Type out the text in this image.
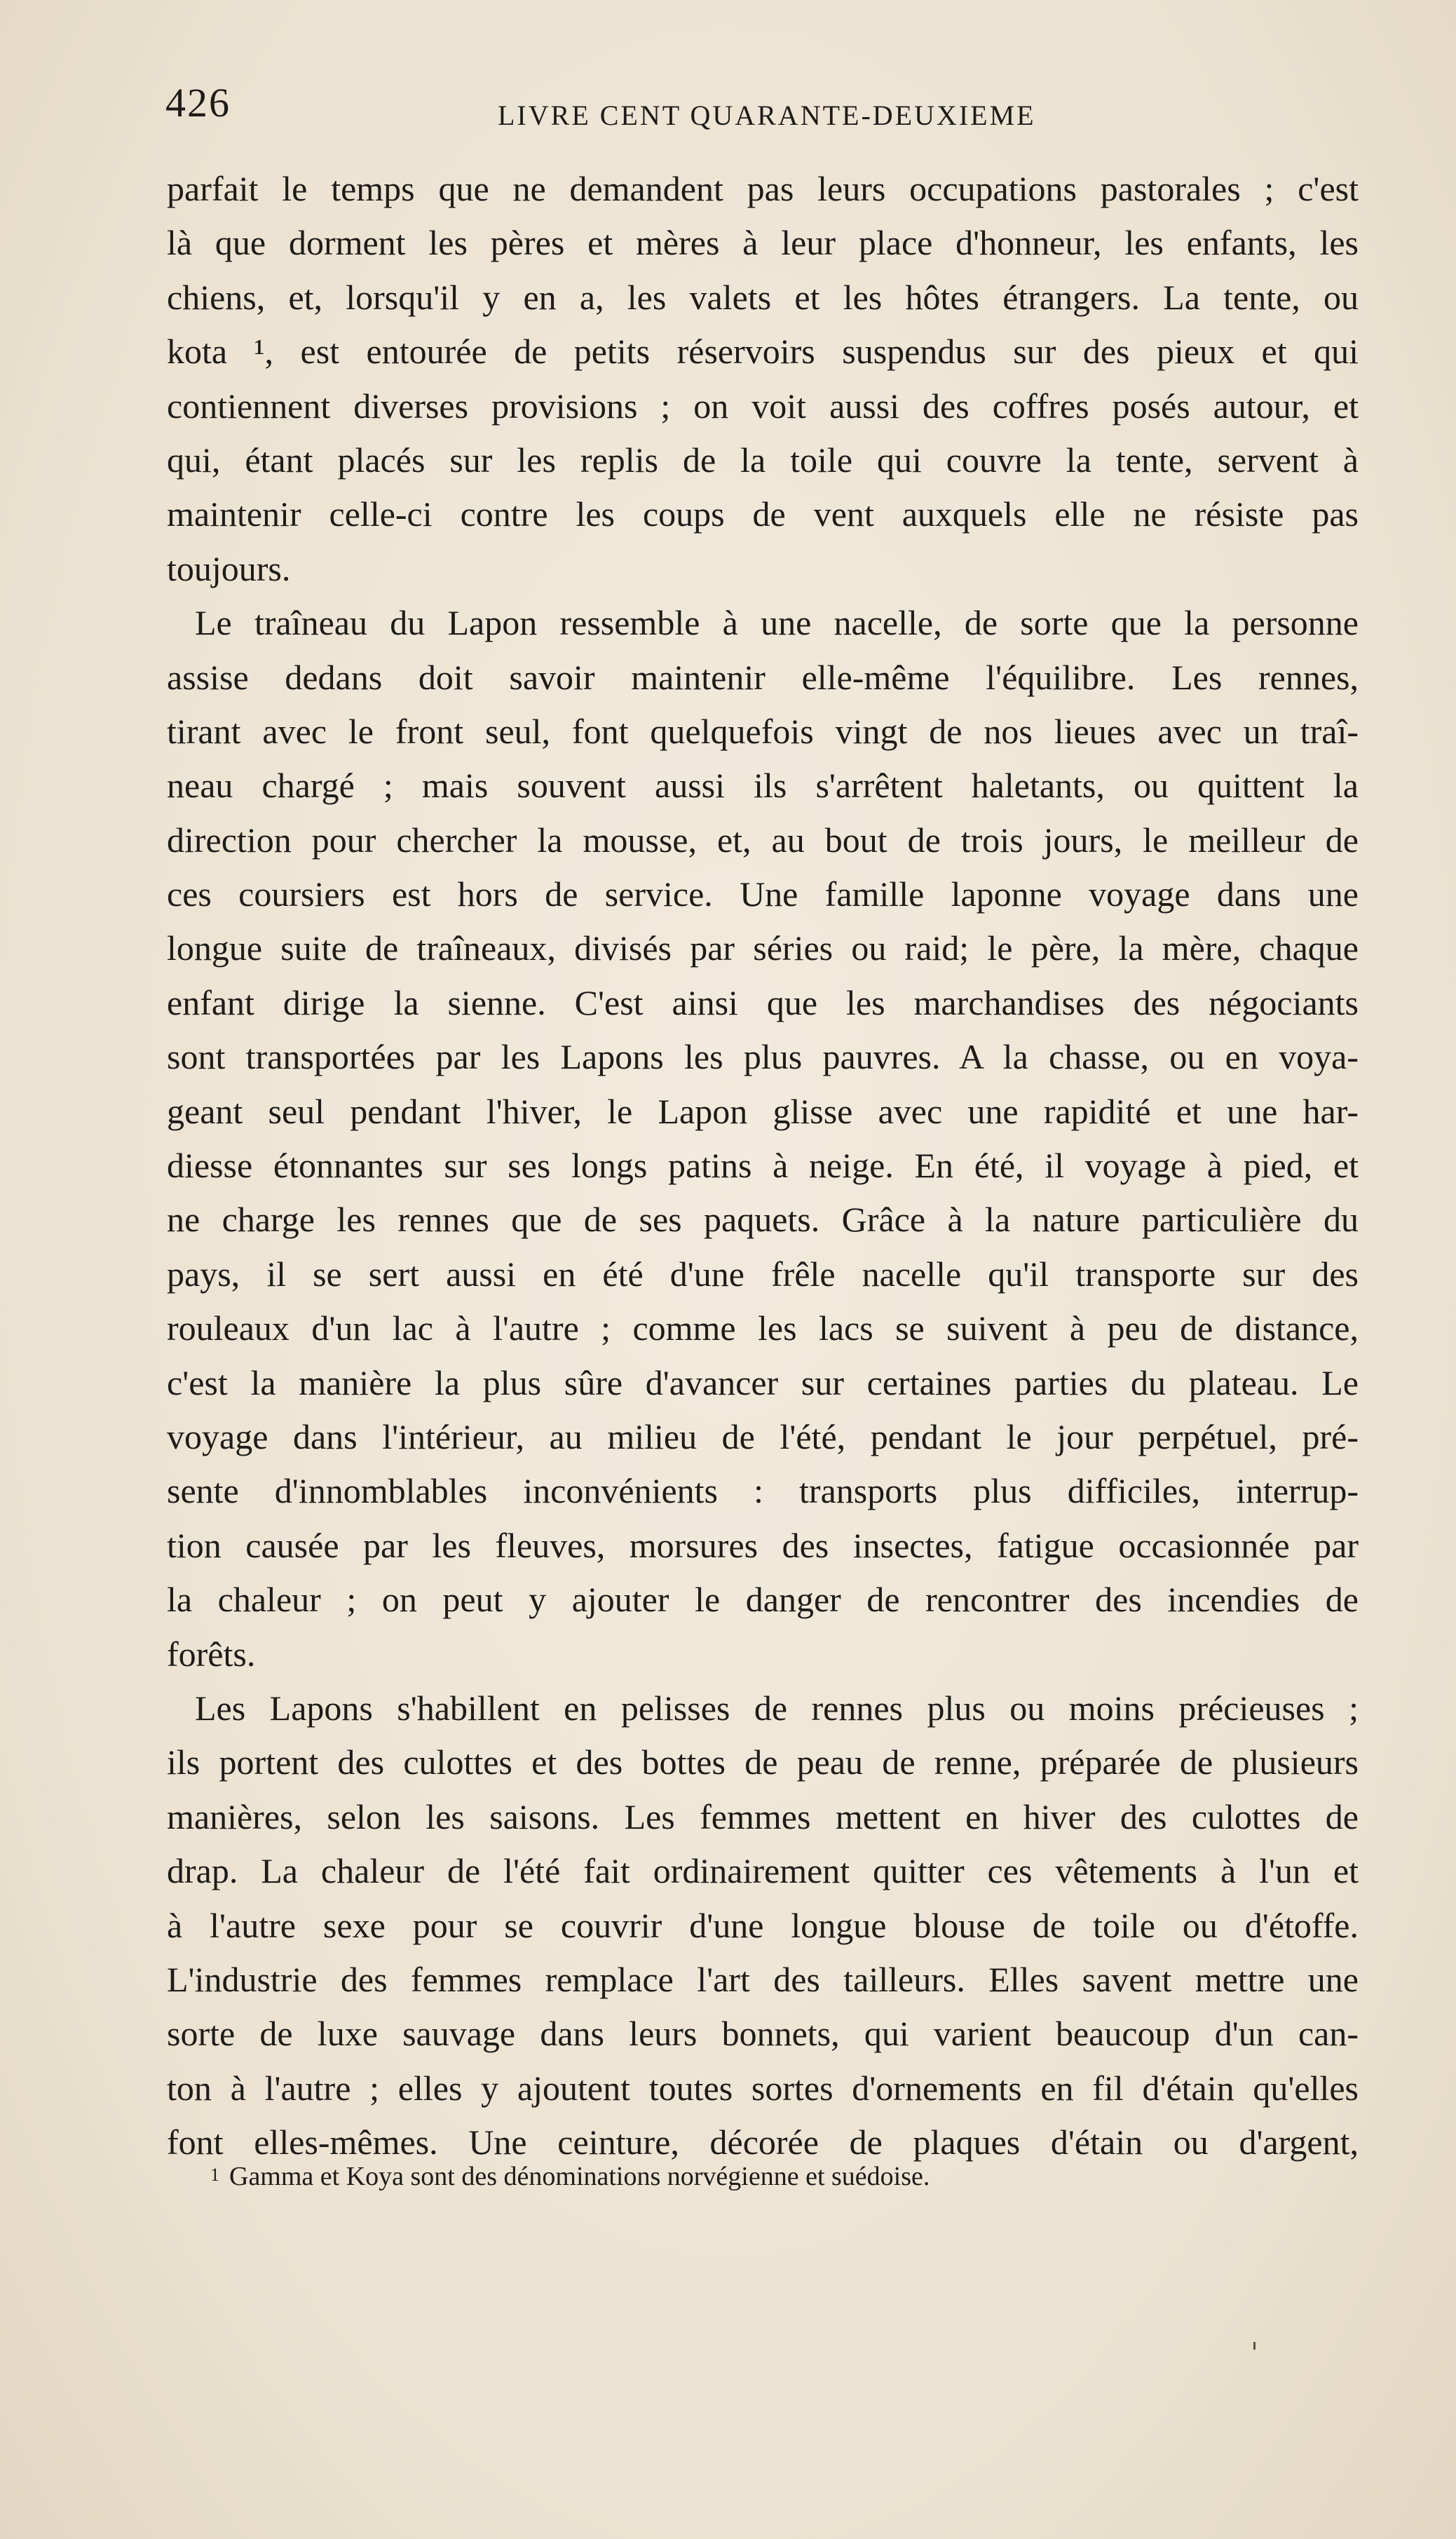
426	LIVRE CENT QUARANTE-DEUXIEME
parfait le temps que ne demandent pas leurs occupations pastorales ; c'est
là que dorment les pères et mères à leur place d'honneur, les enfants, les
chiens, et, lorsqu'il y en a, les valets et les hôtes étrangers. La tente, ou
kota ¹, est entourée de petits réservoirs suspendus sur des pieux et qui
contiennent diverses provisions ; on voit aussi des coffres posés autour, et
qui, étant placés sur les replis de la toile qui couvre la tente, servent à
maintenir celle-ci contre les coups de vent auxquels elle ne résiste pas
toujours.
Le traîneau du Lapon ressemble à une nacelle, de sorte que la personne
assise dedans doit savoir maintenir elle-même l'équilibre. Les rennes,
tirant avec le front seul, font quelquefois vingt de nos lieues avec un traî-
neau chargé ; mais souvent aussi ils s'arrêtent haletants, ou quittent la
direction pour chercher la mousse, et, au bout de trois jours, le meilleur de
ces coursiers est hors de service. Une famille laponne voyage dans une
longue suite de traîneaux, divisés par séries ou raid; le père, la mère, chaque
enfant dirige la sienne. C'est ainsi que les marchandises des négociants
sont transportées par les Lapons les plus pauvres. A la chasse, ou en voya-
geant seul pendant l'hiver, le Lapon glisse avec une rapidité et une har-
diesse étonnantes sur ses longs patins à neige. En été, il voyage à pied, et
ne charge les rennes que de ses paquets. Grâce à la nature particulière du
pays, il se sert aussi en été d'une frêle nacelle qu'il transporte sur des
rouleaux d'un lac à l'autre ; comme les lacs se suivent à peu de distance,
c'est la manière la plus sûre d'avancer sur certaines parties du plateau. Le
voyage dans l'intérieur, au milieu de l'été, pendant le jour perpétuel, pré-
sente d'innomblables inconvénients : transports plus difficiles, interrup-
tion causée par les fleuves, morsures des insectes, fatigue occasionnée par
la chaleur ; on peut y ajouter le danger de rencontrer des incendies de
forêts.
Les Lapons s'habillent en pelisses de rennes plus ou moins précieuses ;
ils portent des culottes et des bottes de peau de renne, préparée de plusieurs
manières, selon les saisons. Les femmes mettent en hiver des culottes de
drap. La chaleur de l'été fait ordinairement quitter ces vêtements à l'un et
à l'autre sexe pour se couvrir d'une longue blouse de toile ou d'étoffe.
L'industrie des femmes remplace l'art des tailleurs. Elles savent mettre une
sorte de luxe sauvage dans leurs bonnets, qui varient beaucoup d'un can-
ton à l'autre ; elles y ajoutent toutes sortes d'ornements en fil d'étain qu'elles
font elles-mêmes. Une ceinture, décorée de plaques d'étain ou d'argent,
1 Gamma et Koya sont des dénominations norvégienne et suédoise.
